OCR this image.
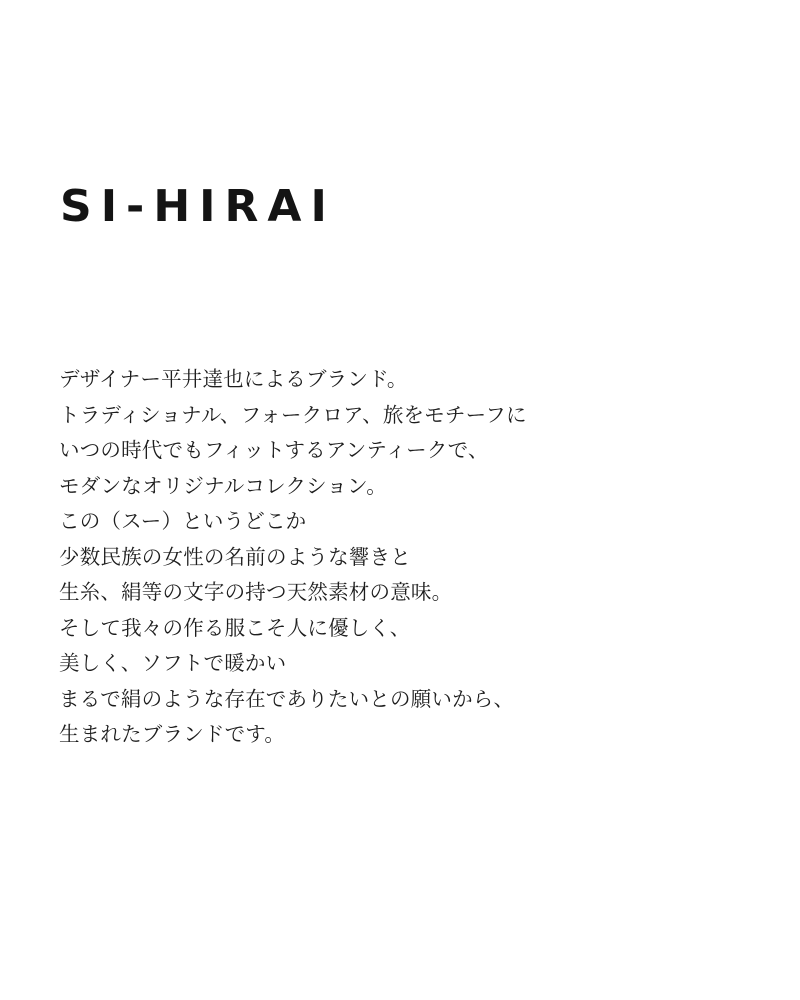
SI-HIRAI
デザイナー平井達也によるブランド。
トラディショナル、フォークロア、旅をモチーフに
いつの時代でもフィットするアンティークで、
モダンなオリジナルコレクション。
この（スー）というどこか
少数民族の女性の名前のような響きと
生糸、絹等の文字の持つ天然素材の意味。
そして我々の作る服こそ人に優しく、
美しく、ソフトで暖かい
まるで絹のような存在でありたいとの願いから、
生まれたブランドです。
